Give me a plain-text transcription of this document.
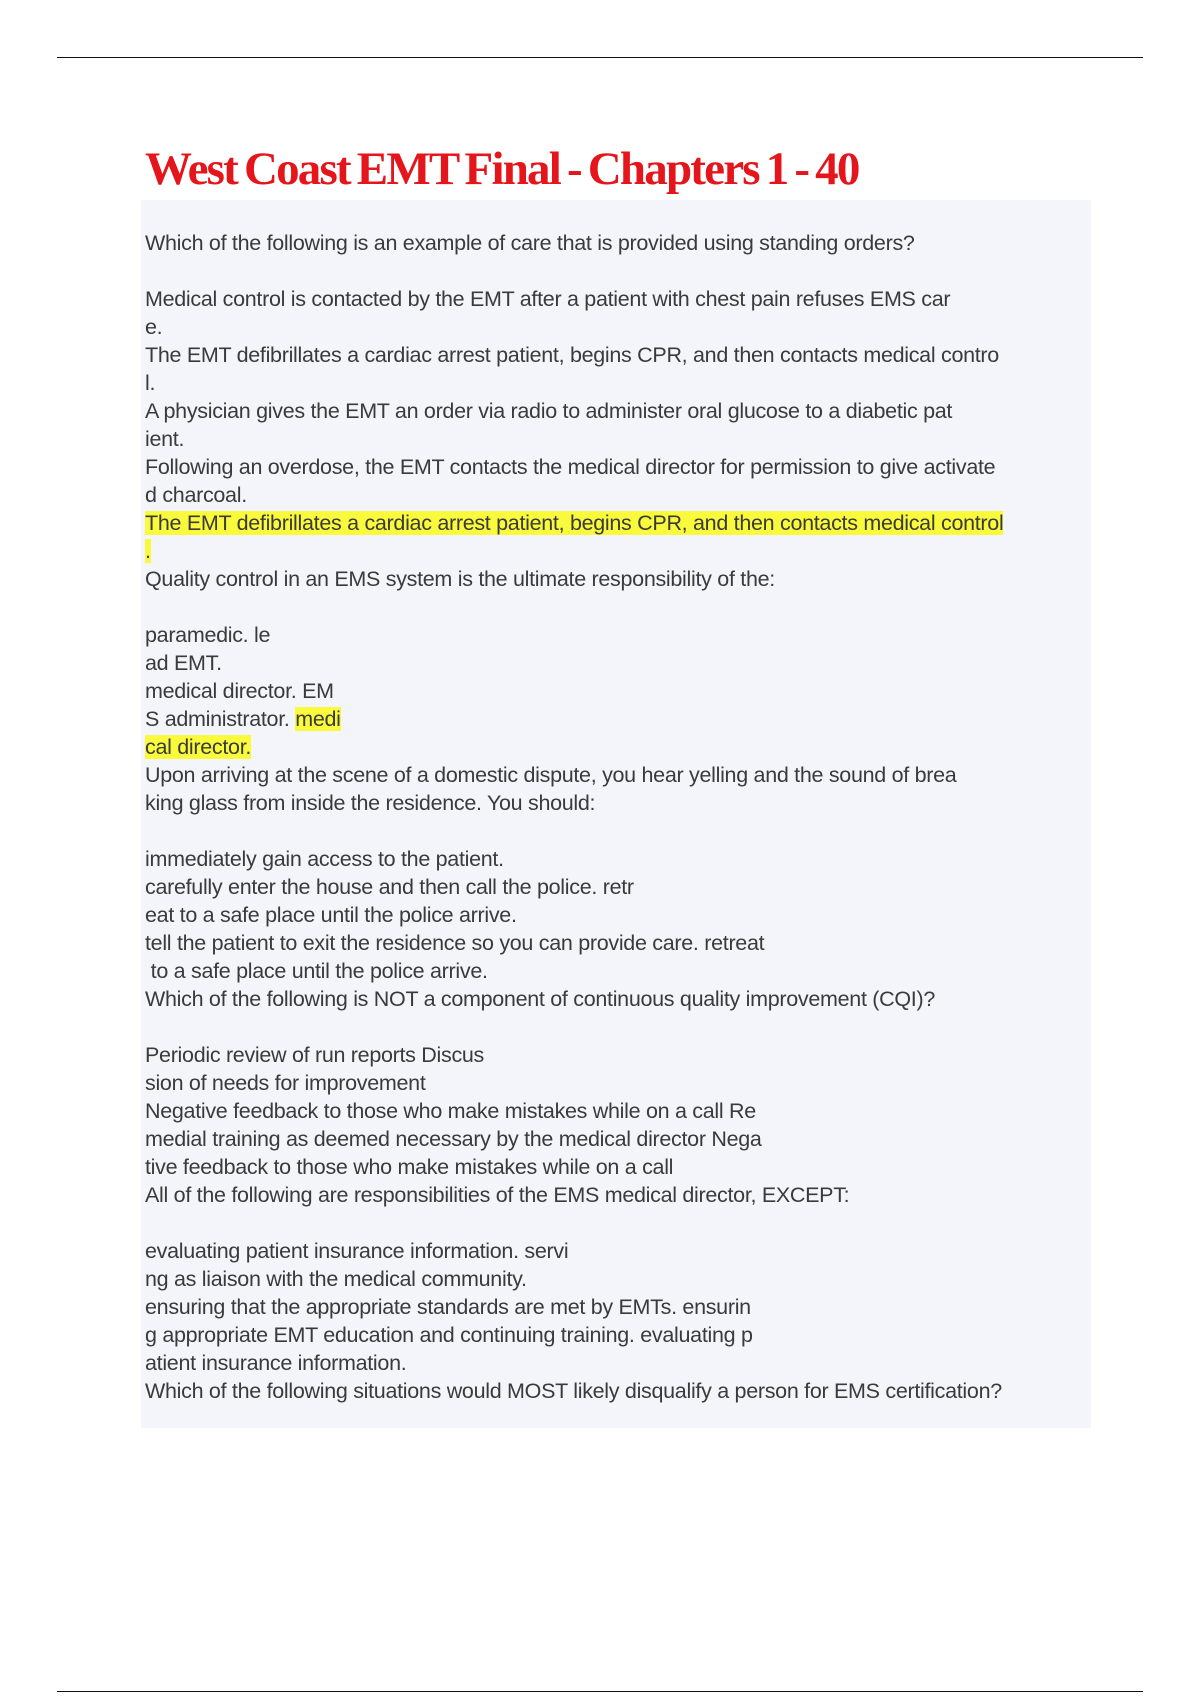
West Coast EMT Final - Chapters 1 - 40
Which of the following is an example of care that is provided using standing orders?
Medical control is contacted by the EMT after a patient with chest pain refuses EMS car
e.
The EMT defibrillates a cardiac arrest patient, begins CPR, and then contacts medical contro
l.
A physician gives the EMT an order via radio to administer oral glucose to a diabetic pat
ient.
Following an overdose, the EMT contacts the medical director for permission to give activate
d charcoal.
The EMT defibrillates a cardiac arrest patient, begins CPR, and then contacts medical control
.
Quality control in an EMS system is the ultimate responsibility of the:
paramedic. le
ad EMT.
medical director. EM
S administrator. medi
cal director.
Upon arriving at the scene of a domestic dispute, you hear yelling and the sound of brea
king glass from inside the residence. You should:
immediately gain access to the patient.
carefully enter the house and then call the police. retr
eat to a safe place until the police arrive.
tell the patient to exit the residence so you can provide care. retreat
to a safe place until the police arrive.
Which of the following is NOT a component of continuous quality improvement (CQI)?
Periodic review of run reports Discus
sion of needs for improvement
Negative feedback to those who make mistakes while on a call Re
medial training as deemed necessary by the medical director Nega
tive feedback to those who make mistakes while on a call
All of the following are responsibilities of the EMS medical director, EXCEPT:
evaluating patient insurance information. servi
ng as liaison with the medical community.
ensuring that the appropriate standards are met by EMTs. ensurin
g appropriate EMT education and continuing training. evaluating p
atient insurance information.
Which of the following situations would MOST likely disqualify a person for EMS certification?
